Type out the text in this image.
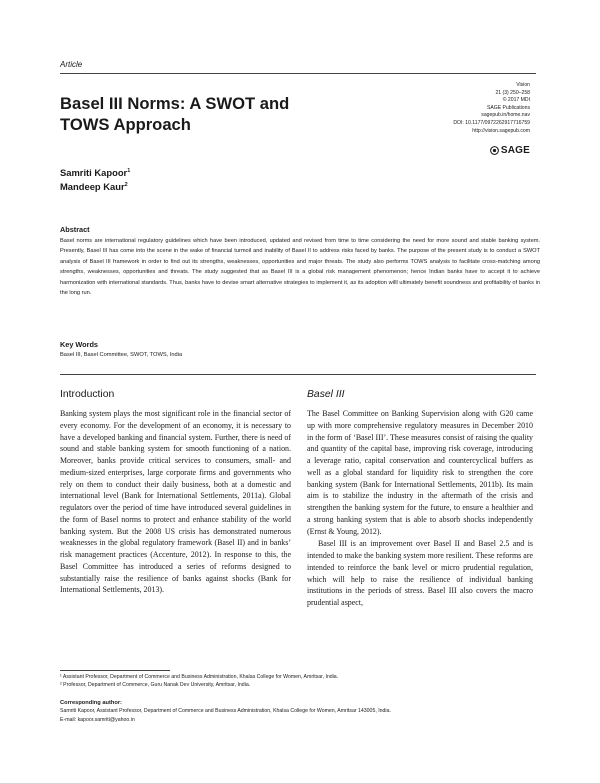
Article
Vision
21 (3) 250–258
© 2017 MDI
SAGE Publications
sagepub.in/home.nav
DOI: 10.1177/0972262917716759
http://vision.sagepub.com
SAGE
Basel III Norms: A SWOT and
TOWS Approach
Samriti Kapoor$^1$
Mandeep Kaur$^2$
Abstract
Basel norms are international regulatory guidelines which have been introduced, updated and revised from time to time considering the need for more sound and stable banking system. Presently, Basel III has come into the scene in the wake of financial turmoil and inability of Basel II to address risks faced by banks. The purpose of the present study is to conduct a SWOT analysis of Basel III framework in order to find out its strengths, weaknesses, opportunities and major threats. The study also performs TOWS analysis to facilitate cross-matching among strengths, weaknesses, opportunities and threats. The study suggested that as Basel III is a global risk management phenomenon; hence Indian banks have to accept it to achieve harmonization with international standards. Thus, banks have to devise smart alternative strategies to implement it, as its adoption willl ultimately benefit soundness and profitability of banks in the long run.
Key Words
Basel III, Basel Committee, SWOT, TOWS, India
Introduction

Banking system plays the most significant role in the financial sector of every economy. For the development of an economy, it is necessary to have a developed banking and financial system. Further, there is need of sound and stable banking system for smooth functioning of a nation. Moreover, banks provide critical services to consumers, small- and medium-sized enterprises, large corporate firms and governments who rely on them to conduct their daily business, both at a domestic and international level (Bank for International Settlements, 2011a). Global regulators over the period of time have introduced several guidelines in the form of Basel norms to protect and enhance stability of the world banking system. But the 2008 US crisis has demonstrated numerous weaknesses in the global regulatory framework (Basel II) and in banks’ risk management practices (Accenture, 2012). In response to this, the Basel Committee has introduced a series of reforms designed to substantially raise the resilience of banks against shocks (Bank for International Settlements, 2013).

Basel III

The Basel Committee on Banking Supervision along with G20 came up with more comprehensive regulatory measures in December 2010 in the form of ‘Basel III’. These measures consist of raising the quality and quantity of the capital base, improving risk coverage, introducing a leverage ratio, capital conservation and countercyclical buffers as well as a global standard for liquidity risk to strengthen the core banking system (Bank for International Settlements, 2011b). Its main aim is to stabilize the industry in the aftermath of the crisis and strengthen the banking system for the future, to ensure a healthier and a strong banking system that is able to absorb shocks independently (Ernst & Young, 2012).

Basel III is an improvement over Basel II and Basel 2.5 and is intended to make the banking system more resilient. These reforms are intended to reinforce the bank level or micro prudential regulation, which will help to raise the resilience of individual banking institutions in the periods of stress. Basel III also covers the macro prudential aspect,

¹ Assistant Professor, Department of Commerce and Business Administration, Khalsa College for Women, Amritsar, India.
² Professor, Department of Commerce, Guru Nanak Dev University, Amritsar, India.
Corresponding author:
Samriti Kapoor, Assistant Professor, Department of Commerce and Business Administration, Khalsa College for Women, Amritsar 143005, India.
E-mail: kapoor.samriti@yahoo.in
